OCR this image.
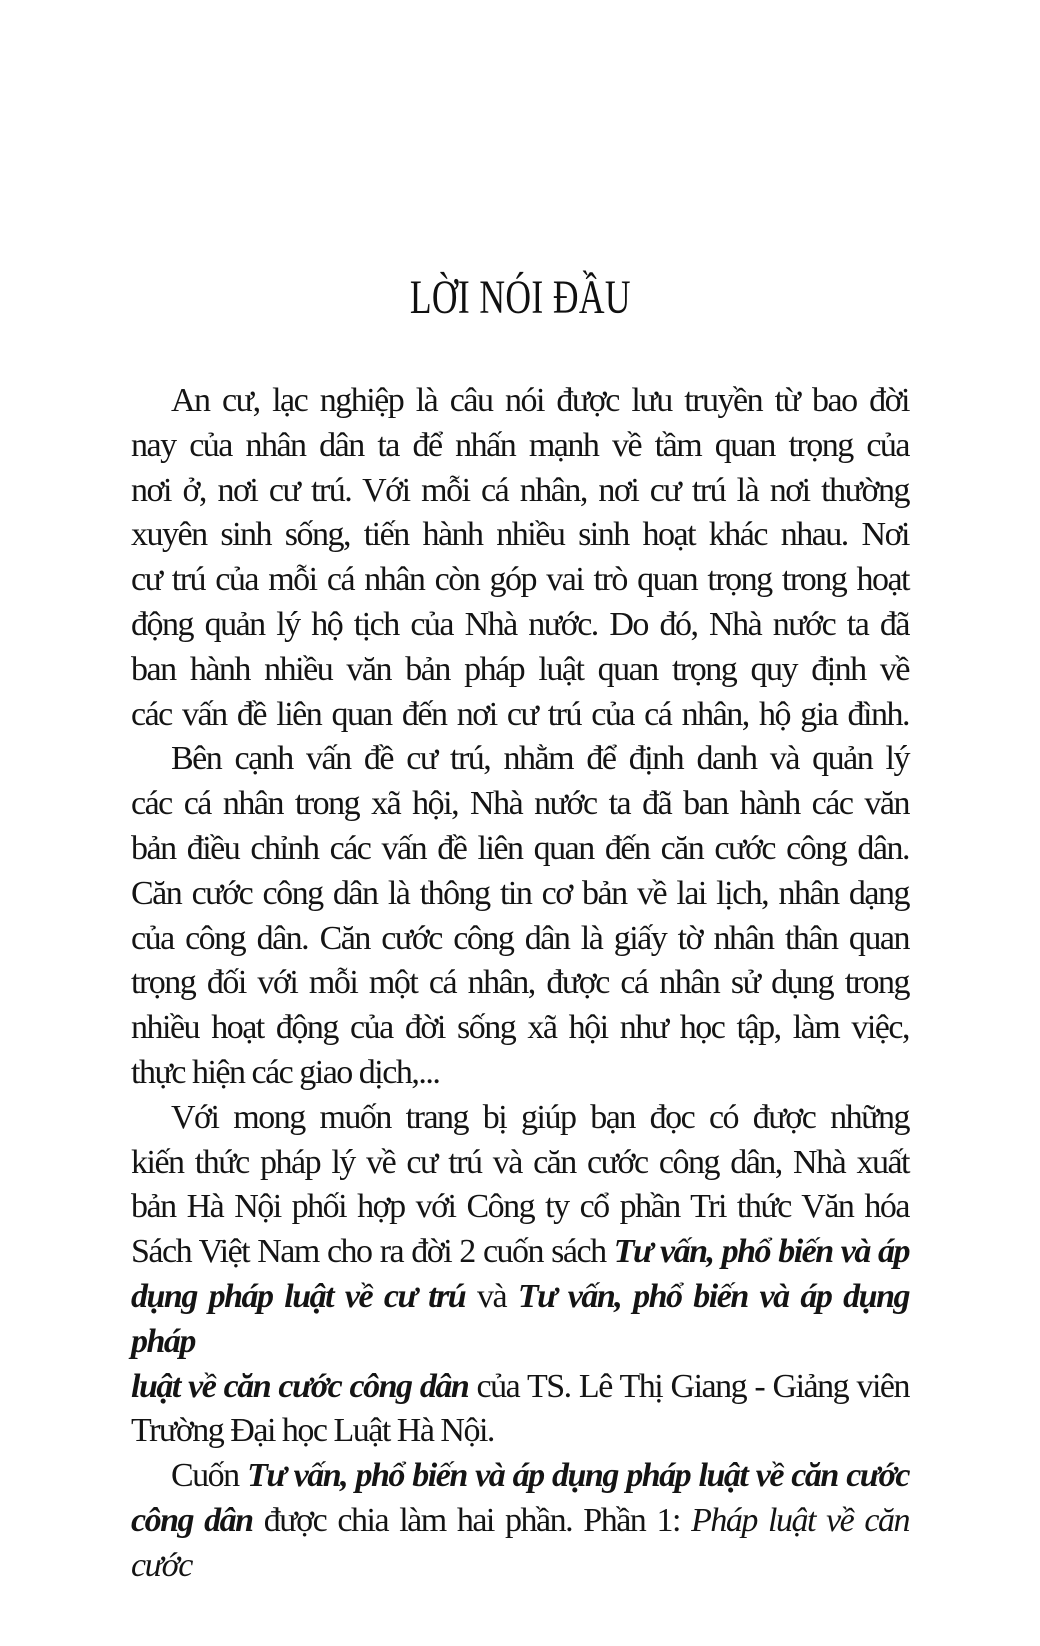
LỜI NÓI ĐẦU
An cư, lạc nghiệp là câu nói được lưu truyền từ bao đời
nay của nhân dân ta để nhấn mạnh về tầm quan trọng của
nơi ở, nơi cư trú. Với mỗi cá nhân, nơi cư trú là nơi thường
xuyên sinh sống, tiến hành nhiều sinh hoạt khác nhau. Nơi
cư trú của mỗi cá nhân còn góp vai trò quan trọng trong hoạt
động quản lý hộ tịch của Nhà nước. Do đó, Nhà nước ta đã
ban hành nhiều văn bản pháp luật quan trọng quy định về
các vấn đề liên quan đến nơi cư trú của cá nhân, hộ gia đình.
Bên cạnh vấn đề cư trú, nhằm để định danh và quản lý
các cá nhân trong xã hội, Nhà nước ta đã ban hành các văn
bản điều chỉnh các vấn đề liên quan đến căn cước công dân.
Căn cước công dân là thông tin cơ bản về lai lịch, nhân dạng
của công dân. Căn cước công dân là giấy tờ nhân thân quan
trọng đối với mỗi một cá nhân, được cá nhân sử dụng trong
nhiều hoạt động của đời sống xã hội như học tập, làm việc,
thực hiện các giao dịch,...
Với mong muốn trang bị giúp bạn đọc có được những
kiến thức pháp lý về cư trú và căn cước công dân, Nhà xuất
bản Hà Nội phối hợp với Công ty cổ phần Tri thức Văn hóa
Sách Việt Nam cho ra đời 2 cuốn sách Tư vấn, phổ biến và áp
dụng pháp luật về cư trú và Tư vấn, phổ biến và áp dụng pháp
luật về căn cước công dân của TS. Lê Thị Giang - Giảng viên
Trường Đại học Luật Hà Nội.
Cuốn Tư vấn, phổ biến và áp dụng pháp luật về căn cước
công dân được chia làm hai phần. Phần 1: Pháp luật về căn cước
